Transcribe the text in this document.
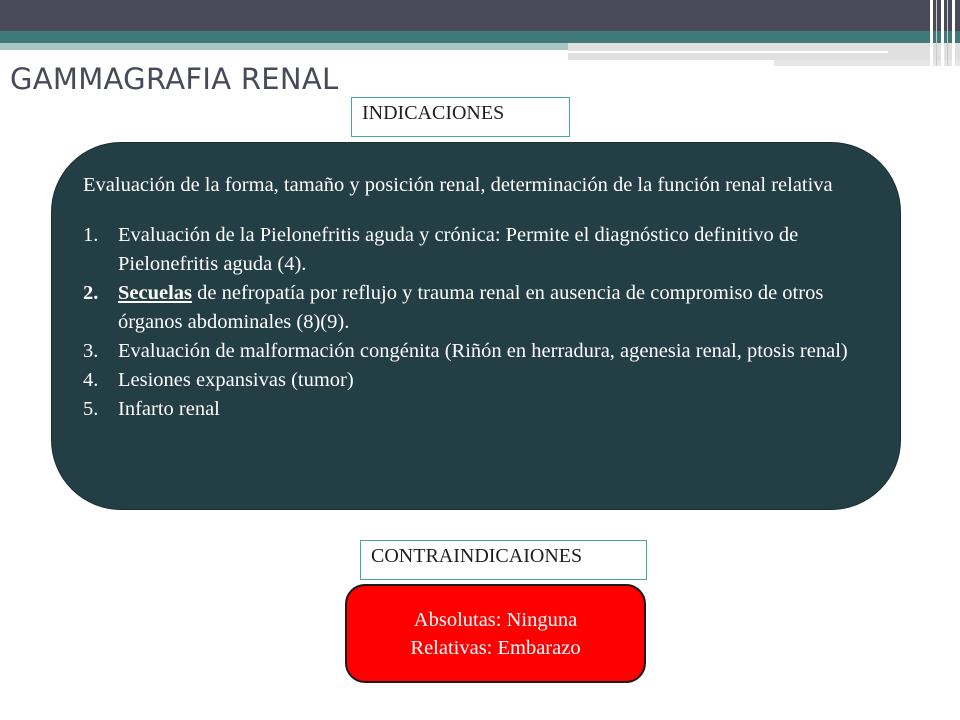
GAMMAGRAFIA RENAL
INDICACIONES

Evaluación de la forma, tamaño y posición renal, determinación de la función renal relativa

1. Evaluación de la Pielonefritis aguda y crónica: Permite el diagnóstico definitivo de Pielonefritis aguda (4).
2. Secuelas de nefropatía por reflujo y trauma renal en ausencia de compromiso de otros órganos abdominales (8)(9).
3. Evaluación de malformación congénita (Riñón en herradura, agenesia renal, ptosis renal)
4. Lesiones expansivas (tumor)
5. Infarto renal
CONTRAINDICAIONES
Absolutas: Ninguna
Relativas: Embarazo
